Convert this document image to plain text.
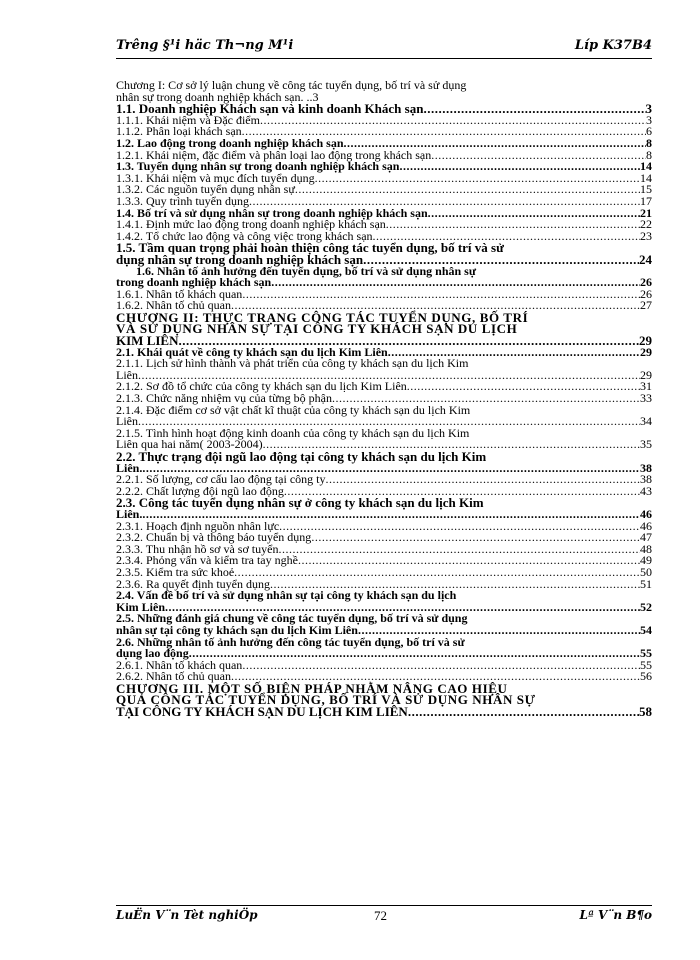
Trêng §¹i häc Th¬ng M¹i	Líp K37B4
Chương I: Cơ sở lý luận chung về công tác tuyển dụng, bố trí và sử dụng
nhân sự trong doanh nghiệp khách sạn. ..3
1.1. Doanh nghiệp Khách sạn và kinh doanh Khách sạn .....	3
1.1.1. Khái niệm và Đặc điểm .....	3
1.1.2. Phân loại khách sạn .....	6
1.2. Lao động trong doanh nghiệp khách sạn .....	8
1.2.1. Khái niệm, đặc điểm và phân loại lao động trong khách sạn .....	8
1.3. Tuyển dụng nhân sự trong doanh nghiệp khách sạn .....	14
1.3.1. Khái niệm và mục đích tuyển dụng .....	14
1.3.2. Các nguồn tuyển dụng nhân sự .....	15
1.3.3. Quy trình tuyển dụng .....	17
1.4. Bố trí và sử dụng nhân sự trong doanh nghiệp khách sạn .....	21
1.4.1. Định mức lao động trong doanh nghiệp khách sạn .....	22
1.4.2. Tổ chức lao động và công việc trong khách sạn .....	23
1.5. Tầm quan trọng phải hoàn thiện công tác tuyển dụng, bố trí và sử
dụng nhân sự trong doanh nghiệp khách sạn .....	24
1.6. Nhân tố ảnh hưởng đến tuyển dụng, bố trí và sử dụng nhân sự
trong doanh nghiệp khách sạn .....	26
1.6.1. Nhân tố khách quan .....	26
1.6.2. Nhân tố chủ quan .....	27
CHƯƠNG II: THỰC TRẠNG CÔNG TÁC TUYỂN DỤNG, BỐ TRÍ
VÀ SỬ DỤNG NHÂN SỰ TẠI CÔNG TY KHÁCH SẠN DU LỊCH
KIM LIÊN .....	29
2.1. Khái quát về công ty khách sạn du lịch Kim Liên .....	29
2.1.1. Lịch sử hình thành và phát triển của công ty khách sạn du lịch Kim
Liên .....	29
2.1.2. Sơ đồ tổ chức của công ty khách sạn du lịch Kim Liên .....	31
2.1.3. Chức năng nhiệm vụ của từng bộ phận .....	33
2.1.4. Đặc điểm cơ sở vật chất kĩ thuật của công ty khách sạn du lịch Kim
Liên .....	34
2.1.5. Tình hình hoạt động kinh doanh của công ty khách sạn du lịch Kim
Liên qua hai năm( 2003-2004) .....	35
2.2. Thực trạng đội ngũ lao động tại công ty khách sạn du lịch Kim
Liên. .....	38
2.2.1. Số lượng, cơ cấu lao động tại công ty .....	38
2.2.2. Chất lượng đội ngũ lao động .....	43
2.3. Công tác tuyển dụng nhân sự ở công ty khách sạn du lịch Kim
Liên. .....	46
2.3.1. Hoạch định nguồn nhân lực .....	46
2.3.2. Chuẩn bị và thông báo tuyển dụng .....	47
2.3.3. Thu nhận hồ sơ và sơ tuyển .....	48
2.3.4. Phỏng vấn và kiểm tra tay nghề .....	49
2.3.5. Kiểm tra sức khoẻ .....	50
2.3.6. Ra quyết định tuyển dụng .....	51
2.4. Vấn đề bố trí và sử dụng nhân sự tại công ty khách sạn du lịch
Kim Liên .....	52
2.5. Những đánh giá chung về công tác tuyển dụng, bố trí và sử dụng
nhân sự tại công ty khách sạn du lịch Kim Liên .....	54
2.6. Những nhân tố ảnh hưởng đến công tác tuyển dụng, bố trí và sử
dụng lao động .....	55
2.6.1. Nhân tố khách quan .....	55
2.6.2. Nhân tố chủ quan .....	56
CHƯƠNG III. MỘT SỐ BIỆN PHÁP NHẰM NÂNG CAO HIỆU
QUẢ CÔNG TÁC TUYỂN DỤNG, BỐ TRÍ VÀ SỬ DỤNG NHÂN SỰ
TẠI CÔNG TY KHÁCH SẠN DU LỊCH KIM LIÊN .....	58
LuËn V¨n Tèt nghiÖp	72	Lª V¨n B¶o
